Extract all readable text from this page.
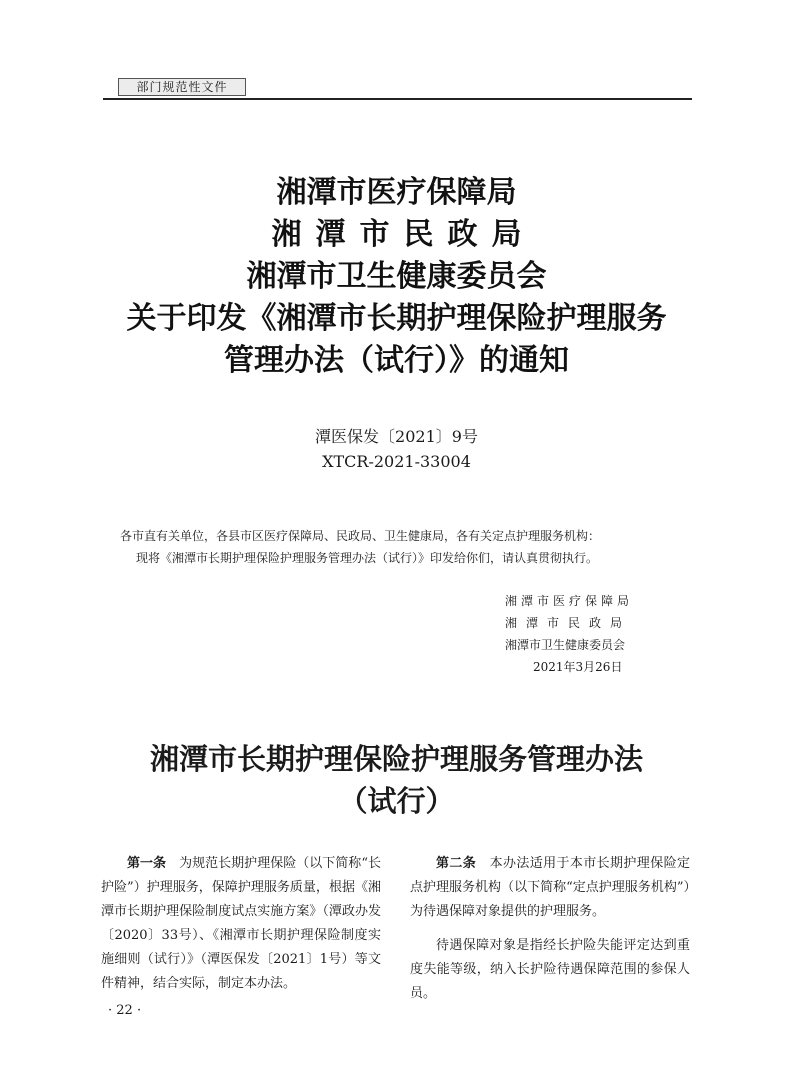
部门规范性文件
湘潭市医疗保障局
湘潭市民政局
湘潭市卫生健康委员会
关于印发《湘潭市长期护理保险护理服务
管理办法（试行）》的通知
潭医保发〔2021〕9号
XTCR-2021-33004
各市直有关单位，各县市区医疗保障局、民政局、卫生健康局，各有关定点护理服务机构：
现将《湘潭市长期护理保险护理服务管理办法（试行）》印发给你们，请认真贯彻执行。
湘潭市医疗保障局
湘潭市民政局
湘潭市卫生健康委员会
2021年3月26日
湘潭市长期护理保险护理服务管理办法
（试行）

第一条　 为规范长期护理保险（以下简称“长护险”）护理服务，保障护理服务质量，根据《湘潭市长期护理保险制度试点实施方案》（潭政办发〔2020〕33号）、《湘潭市长期护理保险制度实施细则（试行）》（潭医保发〔2021〕1号）等文件精神，结合实际，制定本办法。

第二条　 本办法适用于本市长期护理保险定点护理服务机构（以下简称“定点护理服务机构”）为待遇保障对象提供的护理服务。

待遇保障对象是指经长护险失能评定达到重度失能等级，纳入长护险待遇保障范围的参保人员。

· 22 ·
